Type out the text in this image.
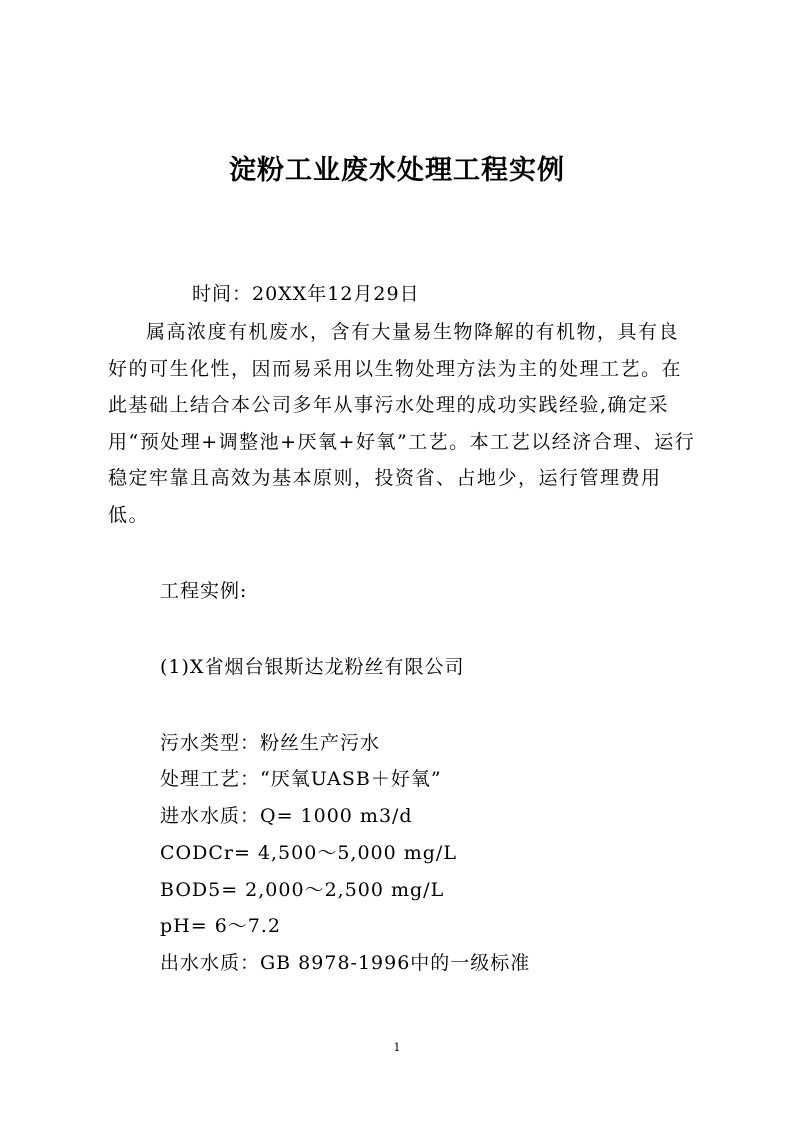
淀粉工业废水处理工程实例
时间：20XX年12月29日
属高浓度有机废水，含有大量易生物降解的有机物，具有良好的可生化性，因而易采用以生物处理方法为主的处理工艺。在此基础上结合本公司多年从事污水处理的成功实践经验,确定采用“预处理+调整池+厌氧+好氧”工艺。本工艺以经济合理、运行稳定牢靠且高效为基本原则，投资省、占地少，运行管理费用低。
工程实例:
(1)X省烟台银斯达龙粉丝有限公司
污水类型：粉丝生产污水
处理工艺：“厌氧UASB＋好氧”
进水水质：Q= 1000 m3/d
CODCr= 4,500～5,000 mg/L
BOD5= 2,000～2,500 mg/L
pH= 6～7.2
出水水质：GB 8978-1996中的一级标准
1
